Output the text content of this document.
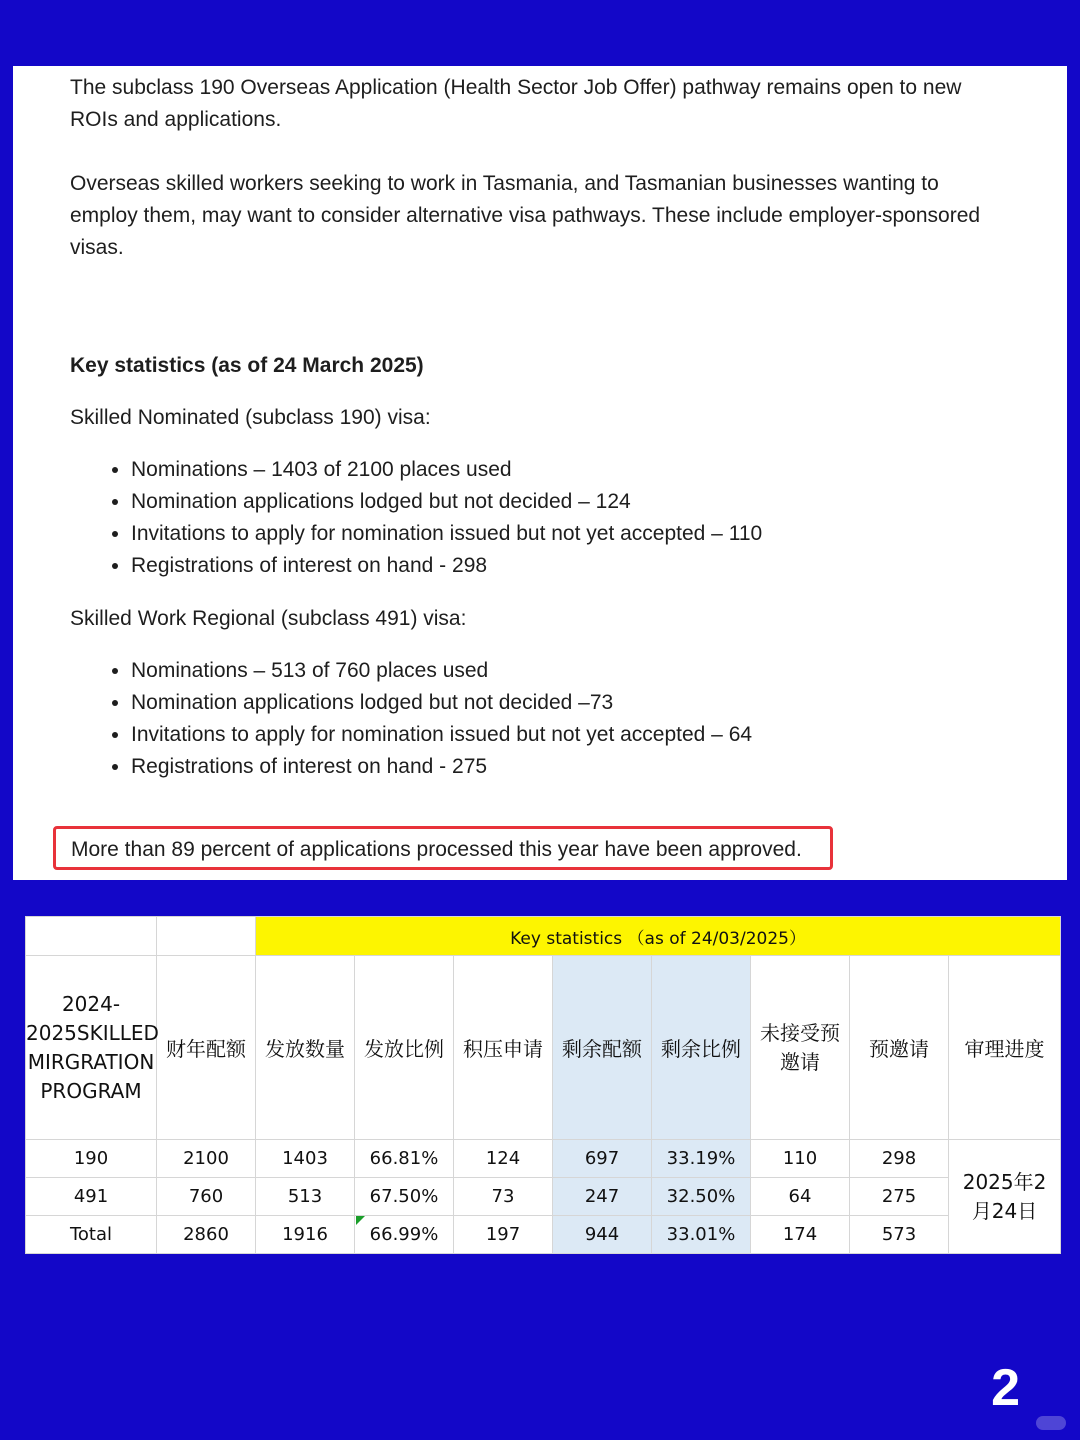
The subclass 190 Overseas Application (Health Sector Job Offer) pathway remains open to new ROIs and applications.

Overseas skilled workers seeking to work in Tasmania, and Tasmanian businesses wanting to employ them, may want to consider alternative visa pathways. These include employer-sponsored visas.

Key statistics (as of 24 March 2025)

Skilled Nominated (subclass 190) visa:

• Nominations – 1403 of 2100 places used
• Nomination applications lodged but not decided – 124
• Invitations to apply for nomination issued but not yet accepted – 110
• Registrations of interest on hand - 298

Skilled Work Regional (subclass 491) visa:

• Nominations – 513 of 760 places used
• Nomination applications lodged but not decided –73
• Invitations to apply for nomination issued but not yet accepted – 64
• Registrations of interest on hand - 275
More than 89 percent of applications processed this year have been approved.
		Key statistics （as of 24/03/2025）							

2024-
2025SKILLED
MIRGRATION
PROGRAM	财年配额	发放数量	发放比例	积压申请	剩余配额	剩余比例	未接受预邀请	预邀请	审理进度
190	2100	1403	66.81%	124	697	33.19%	110	298	2025年2月24日

491	760	513	67.50%	73	247	32.50%	64	275	
Total	2860	1916	66.99%	197	944	33.01%	174	573	
2
